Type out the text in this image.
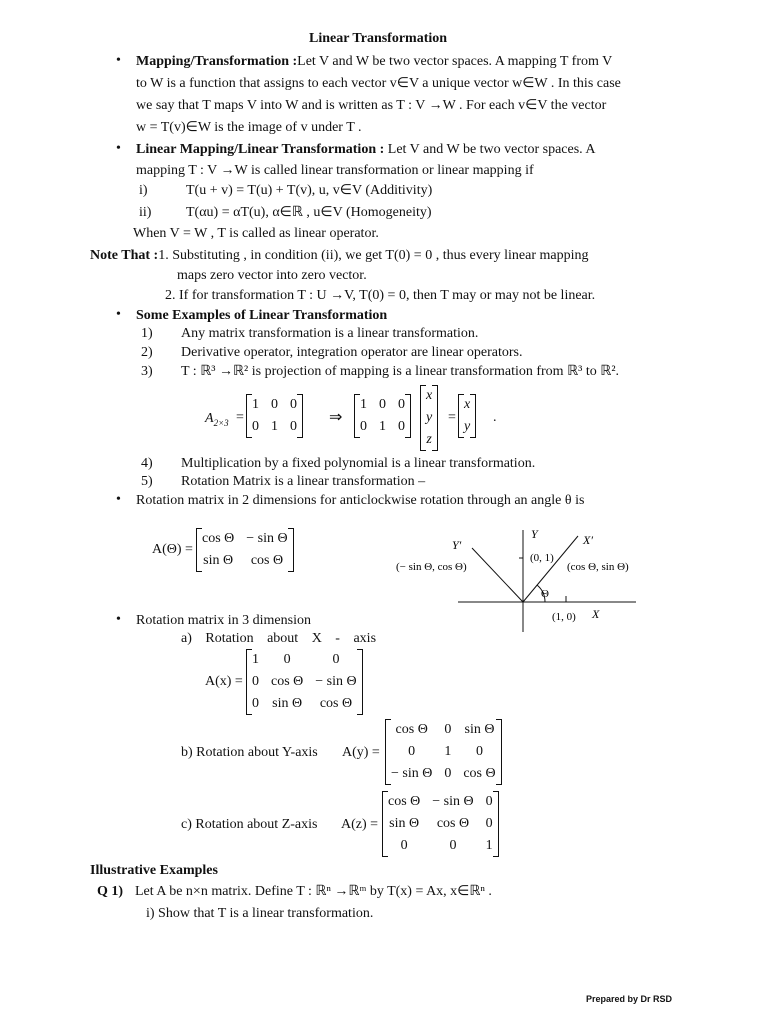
Linear Transformation
• Mapping/Transformation :Let V and W be two vector spaces. A mapping T from V
to W is a function that assigns to each vector v∈V a unique vector w∈W . In this case
we say that T maps V into W and is written as T : V →W . For each v∈V the vector
w = T(v)∈W is the image of v under T .
• Linear Mapping/Linear Transformation : Let V and W be two vector spaces. A
mapping T : V →W is called linear transformation or linear mapping if
i)	T(u + v) = T(u) + T(v), u, v∈V (Additivity)
ii) T(αu) = αT(u), α∈ℝ , u∈V (Homogeneity)
When V = W , T is called as linear operator.
Note That :1. Substituting , in condition (ii), we get T(0) = 0 , thus every linear mapping
maps zero vector into zero vector.
2. If for transformation T : U →V, T(0) = 0, then T may or may not be linear.
• Some Examples of Linear Transformation
1) Any matrix transformation is a linear transformation.
2) Derivative operator, integration operator are linear operators.
3) T : ℝ³ →ℝ² is projection of mapping is a linear transformation from ℝ³ to ℝ².
$A_{2\times 3}$ =
1	0	0
0	1	0
⇒
1	0	0
0	1	0
x
y
z
=
x
y
.
4) Multiplication by a fixed polynomial is a linear transformation.
5) Rotation Matrix is a linear transformation –
• Rotation matrix in 2 dimensions for anticlockwise rotation through an angle θ is
A(Θ) =
cos Θ	− sin Θ
sin Θ	cos Θ
Y
X
Y′	X′
(0, 1)
(1, 0)
(− sin Θ, cos Θ)	(cos Θ, sin Θ)
Θ
• Rotation matrix in 3 dimension
a) Rotation about X - axis
A(x) =
1	0	0
0	cos Θ	− sin Θ
0	sin Θ	cos Θ
b) Rotation about Y-axis A(y) =
cos Θ	0	sin Θ
0	1	0
− sin Θ	0	cos Θ
c) Rotation about Z-axis A(z) =
cos Θ	− sin Θ	0
sin Θ	cos Θ	0
0	0	1
Illustrative Examples
Q 1) Let A be n×n matrix. Define T : ℝⁿ →ℝᵐ by T(x) = Ax, x∈ℝⁿ .
i) Show that T is a linear transformation.
Prepared by Dr RSD
